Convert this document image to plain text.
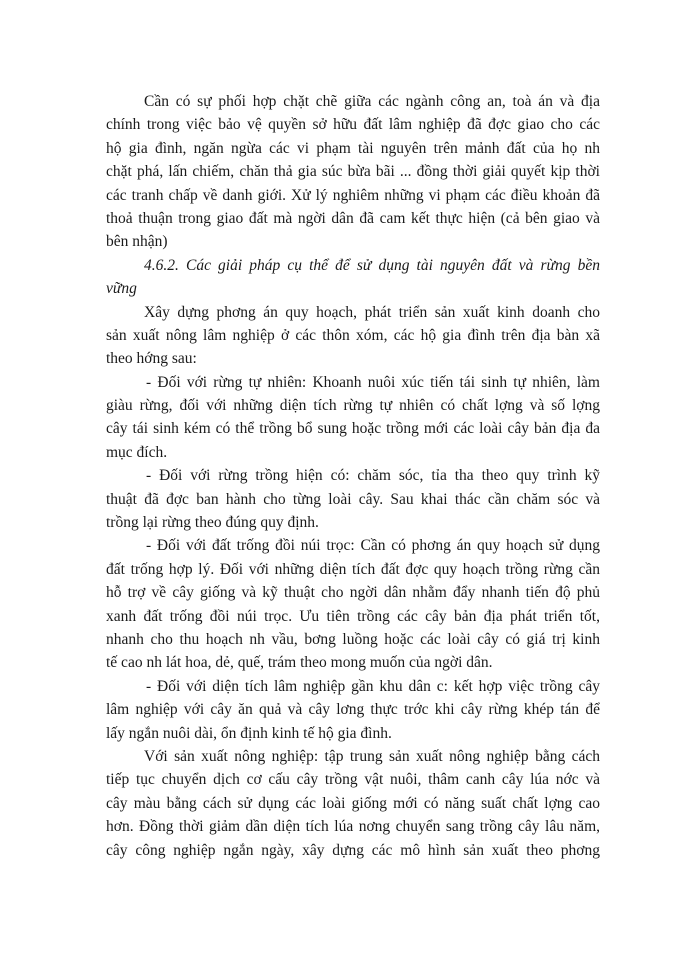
Cần có sự phối hợp chặt chẽ giữa các ngành công an, toà án và địa
chính trong việc bảo vệ quyền sở hữu đất lâm nghiệp đã đợc giao cho các
hộ gia đình, ngăn ngừa các vi phạm tài nguyên trên mảnh đất của họ nh
chặt phá, lấn chiếm, chăn thả gia súc bừa bãi ... đồng thời giải quyết kịp thời
các tranh chấp về danh giới. Xử lý nghiêm những vi phạm các điều khoản đã
thoả thuận trong giao đất mà ngời dân đã cam kết thực hiện (cả bên giao và
bên nhận)
4.6.2. Các giải pháp cụ thể để sử dụng tài nguyên đất và rừng bền
vững
Xây dựng phơng án quy hoạch, phát triển sản xuất kinh doanh cho
sản xuất nông lâm nghiệp ở các thôn xóm, các hộ gia đình trên địa bàn xã
theo hớng sau:
- Đối với rừng tự nhiên: Khoanh nuôi xúc tiến tái sinh tự nhiên, làm
giàu rừng, đối với những diện tích rừng tự nhiên có chất lợng và số lợng
cây tái sinh kém có thể trồng bổ sung hoặc trồng mới các loài cây bản địa đa
mục đích.
- Đối với rừng trồng hiện có: chăm sóc, tỉa tha theo quy trình kỹ
thuật đã đợc ban hành cho từng loài cây. Sau khai thác cần chăm sóc và
trồng lại rừng theo đúng quy định.
- Đối với đất trống đồi núi trọc: Cần có phơng án quy hoạch sử dụng
đất trống hợp lý. Đối với những diện tích đất đợc quy hoạch trồng rừng cần
hỗ trợ về cây giống và kỹ thuật cho ngời dân nhằm đẩy nhanh tiến độ phủ
xanh đất trống đồi núi trọc. Ưu tiên trồng các cây bản địa phát triển tốt,
nhanh cho thu hoạch nh vầu, bơng luồng hoặc các loài cây có giá trị kinh
tế cao nh lát hoa, dẻ, quế, trám theo mong muốn của ngời dân.
- Đối với diện tích lâm nghiệp gần khu dân c: kết hợp việc trồng cây
lâm nghiệp với cây ăn quả và cây lơng thực trớc khi cây rừng khép tán để
lấy ngắn nuôi dài, ổn định kinh tế hộ gia đình.
Với sản xuất nông nghiệp: tập trung sản xuất nông nghiệp bằng cách
tiếp tục chuyển dịch cơ cấu cây trồng vật nuôi, thâm canh cây lúa nớc và
cây màu bằng cách sử dụng các loài giống mới có năng suất chất lợng cao
hơn. Đồng thời giảm dần diện tích lúa nơng chuyển sang trồng cây lâu năm,
cây công nghiệp ngắn ngày, xây dựng các mô hình sản xuất theo phơng
